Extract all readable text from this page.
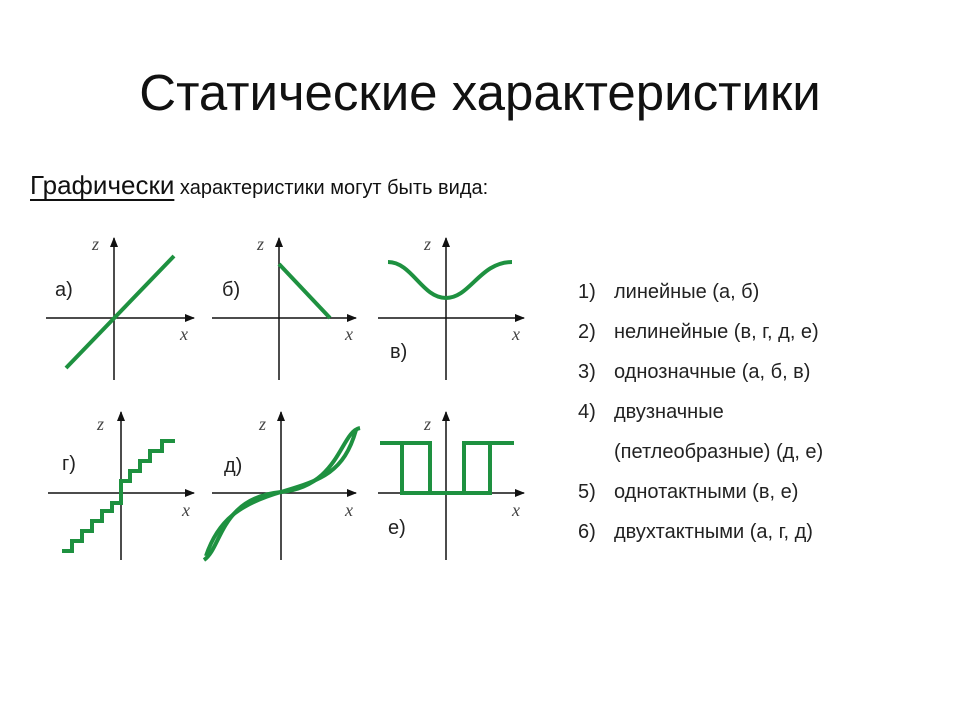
Статические характеристики
Графически характеристики могут быть вида:
z
x
а)
z
x
б)
z
x
в)
z
x
г)
z
x
д)
z
x
е)
1) линейные (а, б)
2) нелинейные (в, г, д, е)
3) однозначные (а, б, в)
4) двузначные
(петлеобразные) (д, е)
5) однотактными (в, е)
6) двухтактными (а, г, д)
